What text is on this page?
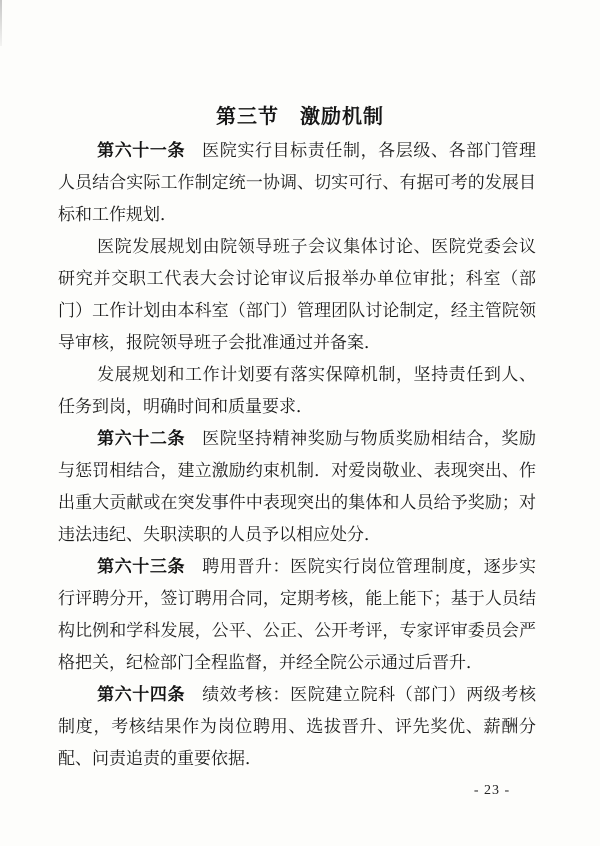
第三节　激励机制

第六十一条 医院实行目标责任制，各层级、各部门管理人员结合实际工作制定统一协调、切实可行、有据可考的发展目标和工作规划．

医院发展规划由院领导班子会议集体讨论、医院党委会议研究并交职工代表大会讨论审议后报举办单位审批；科室（部门）工作计划由本科室（部门）管理团队讨论制定，经主管院领导审核，报院领导班子会批准通过并备案．

发展规划和工作计划要有落实保障机制，坚持责任到人、任务到岗，明确时间和质量要求．

第六十二条 医院坚持精神奖励与物质奖励相结合，奖励与惩罚相结合，建立激励约束机制．对爱岗敬业、表现突出、作出重大贡献或在突发事件中表现突出的集体和人员给予奖励；对违法违纪、失职渎职的人员予以相应处分．

第六十三条 聘用晋升：医院实行岗位管理制度，逐步实行评聘分开，签订聘用合同，定期考核，能上能下；基于人员结构比例和学科发展，公平、公正、公开考评，专家评审委员会严格把关，纪检部门全程监督，并经全院公示通过后晋升．

第六十四条 绩效考核：医院建立院科（部门）两级考核制度，考核结果作为岗位聘用、选拔晋升、评先奖优、薪酬分配、问责追责的重要依据．

- 23 -
